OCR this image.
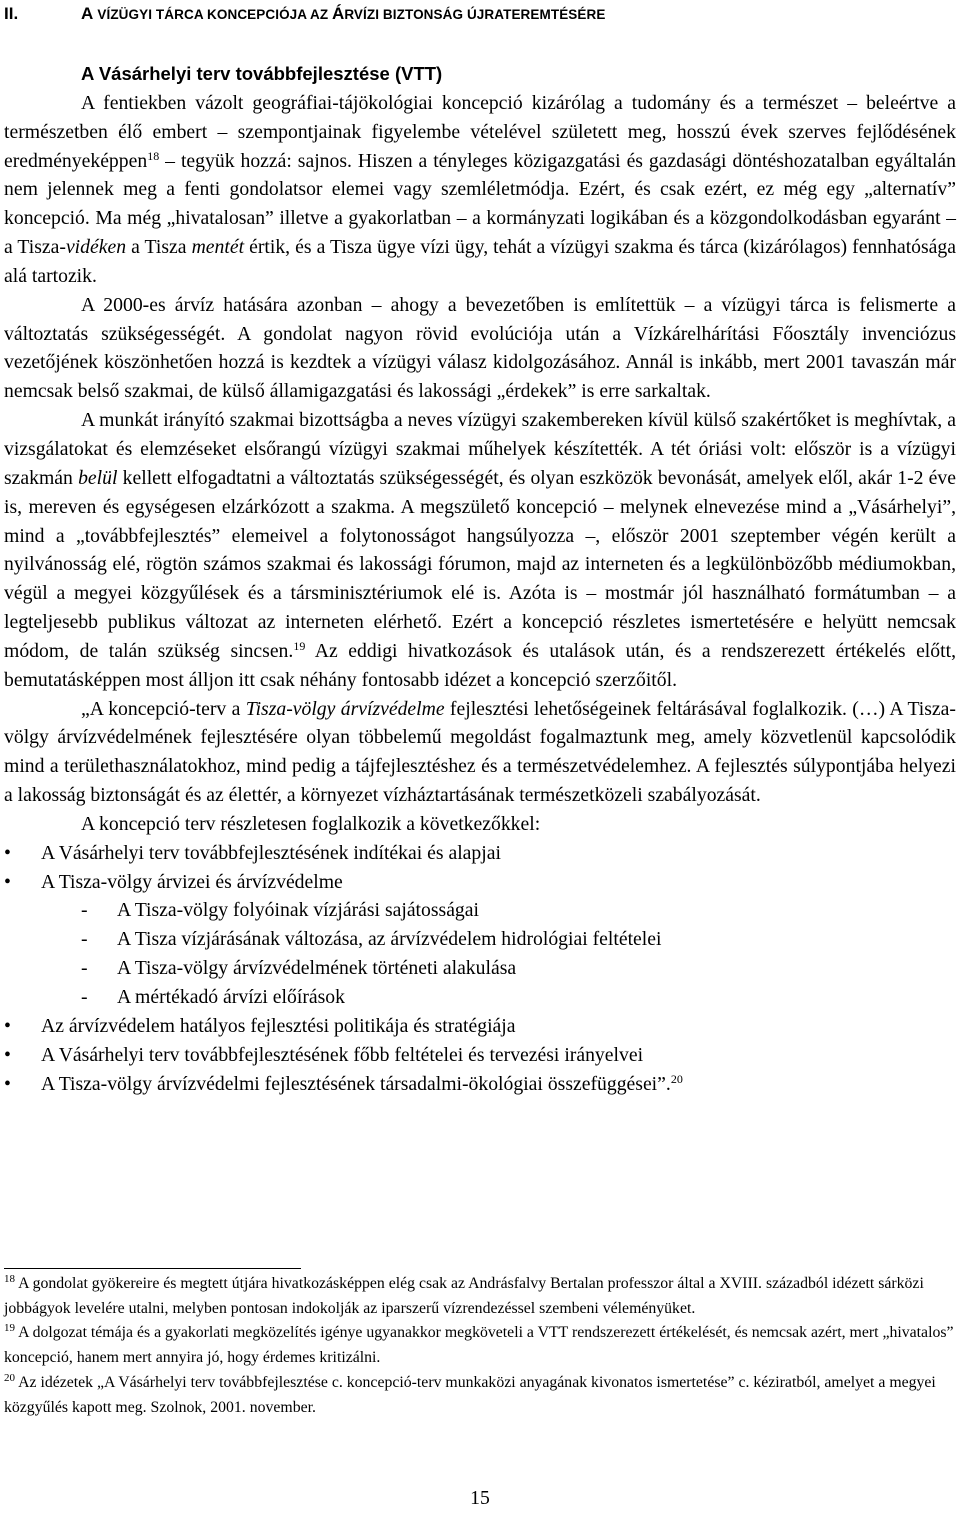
II.	A VÍZÜGYI TÁRCA KONCEPCIÓJA AZ ÁRVÍZI BIZTONSÁG ÚJRATEREMTÉSÉRE

A Vásárhelyi terv továbbfejlesztése (VTT)

A fentiekben vázolt geográfiai-tájökológiai koncepció kizárólag a tudomány és a természet – beleértve a természetben élő embert – szempontjainak figyelembe vételével született meg, hosszú évek szerves fejlődésének eredményeképpen$^{18}$ – tegyük hozzá: sajnos. Hiszen a tényleges közigazgatási és gazdasági döntéshozatalban egyáltalán nem jelennek meg a fenti gondolatsor elemei vagy szemléletmódja. Ezért, és csak ezért, ez még egy „alternatív” koncepció. Ma még „hivatalosan” illetve a gyakorlatban – a kormányzati logikában és a közgondolkodásban egyaránt – a Tisza-vidéken a Tisza mentét értik, és a Tisza ügye vízi ügy, tehát a vízügyi szakma és tárca (kizárólagos) fennhatósága alá tartozik.

A 2000-es árvíz hatására azonban – ahogy a bevezetőben is említettük – a vízügyi tárca is felismerte a változtatás szükségességét. A gondolat nagyon rövid evolúciója után a Vízkárelhárítási Főosztály invenciózus vezetőjének köszönhetően hozzá is kezdtek a vízügyi válasz kidolgozásához. Annál is inkább, mert 2001 tavaszán már nemcsak belső szakmai, de külső államigazgatási és lakossági „érdekek” is erre sarkaltak.

A munkát irányító szakmai bizottságba a neves vízügyi szakembereken kívül külső szakértőket is meghívtak, a vizsgálatokat és elemzéseket elsőrangú vízügyi szakmai műhelyek készítették. A tét óriási volt: először is a vízügyi szakmán belül kellett elfogadtatni a változtatás szükségességét, és olyan eszközök bevonását, amelyek elől, akár 1-2 éve is, mereven és egységesen elzárkózott a szakma. A megszülető koncepció – melynek elnevezése mind a „Vásárhelyi”, mind a „továbbfejlesztés” elemeivel a folytonosságot hangsúlyozza –, először 2001 szeptember végén került a nyilvánosság elé, rögtön számos szakmai és lakossági fórumon, majd az interneten és a legkülönbözőbb médiumokban, végül a megyei közgyűlések és a társminisztériumok elé is. Azóta is – mostmár jól használható formátumban – a legteljesebb publikus változat az interneten elérhető. Ezért a koncepció részletes ismertetésére e helyütt nemcsak módom, de talán szükség sincsen.$^{19}$ Az eddigi hivatkozások és utalások után, és a rendszerezett értékelés előtt, bemutatásképpen most álljon itt csak néhány fontosabb idézet a koncepció szerzőitől.

„A koncepció-terv a Tisza-völgy árvízvédelme fejlesztési lehetőségeinek feltárásával foglalkozik. (…) A Tisza-völgy árvízvédelmének fejlesztésére olyan többelemű megoldást fogalmaztunk meg, amely közvetlenül kapcsolódik mind a területhasználatokhoz, mind pedig a tájfejlesztéshez és a természetvédelemhez. A fejlesztés súlypontjába helyezi a lakosság biztonságát és az élettér, a környezet vízháztartásának természetközeli szabályozását.

A koncepció terv részletesen foglalkozik a következőkkel:

• A Vásárhelyi terv továbbfejlesztésének indítékai és alapjai
• A Tisza-völgy árvizei és árvízvédelme
- A Tisza-völgy folyóinak vízjárási sajátosságai
- A Tisza vízjárásának változása, az árvízvédelem hidrológiai feltételei
- A Tisza-völgy árvízvédelmének történeti alakulása
- A mértékadó árvízi előírások
• Az árvízvédelem hatályos fejlesztési politikája és stratégiája
• A Vásárhelyi terv továbbfejlesztésének főbb feltételei és tervezési irányelvei
• A Tisza-völgy árvízvédelmi fejlesztésének társadalmi-ökológiai összefüggései”.$^{20}$

$^{18}$ A gondolat gyökereire és megtett útjára hivatkozásképpen elég csak az Andrásfalvy Bertalan professzor által a XVIII. századból idézett sárközi jobbágyok levelére utalni, melyben pontosan indokolják az iparszerű vízrendezéssel szembeni véleményüket.

$^{19}$ A dolgozat témája és a gyakorlati megközelítés igénye ugyanakkor megköveteli a VTT rendszerezett értékelését, és nemcsak azért, mert „hivatalos” koncepció, hanem mert annyira jó, hogy érdemes kritizálni.

$^{20}$ Az idézetek „A Vásárhelyi terv továbbfejlesztése c. koncepció-terv munkaközi anyagának kivonatos ismertetése” c. kéziratból, amelyet a megyei közgyűlés kapott meg. Szolnok, 2001. november.

15
